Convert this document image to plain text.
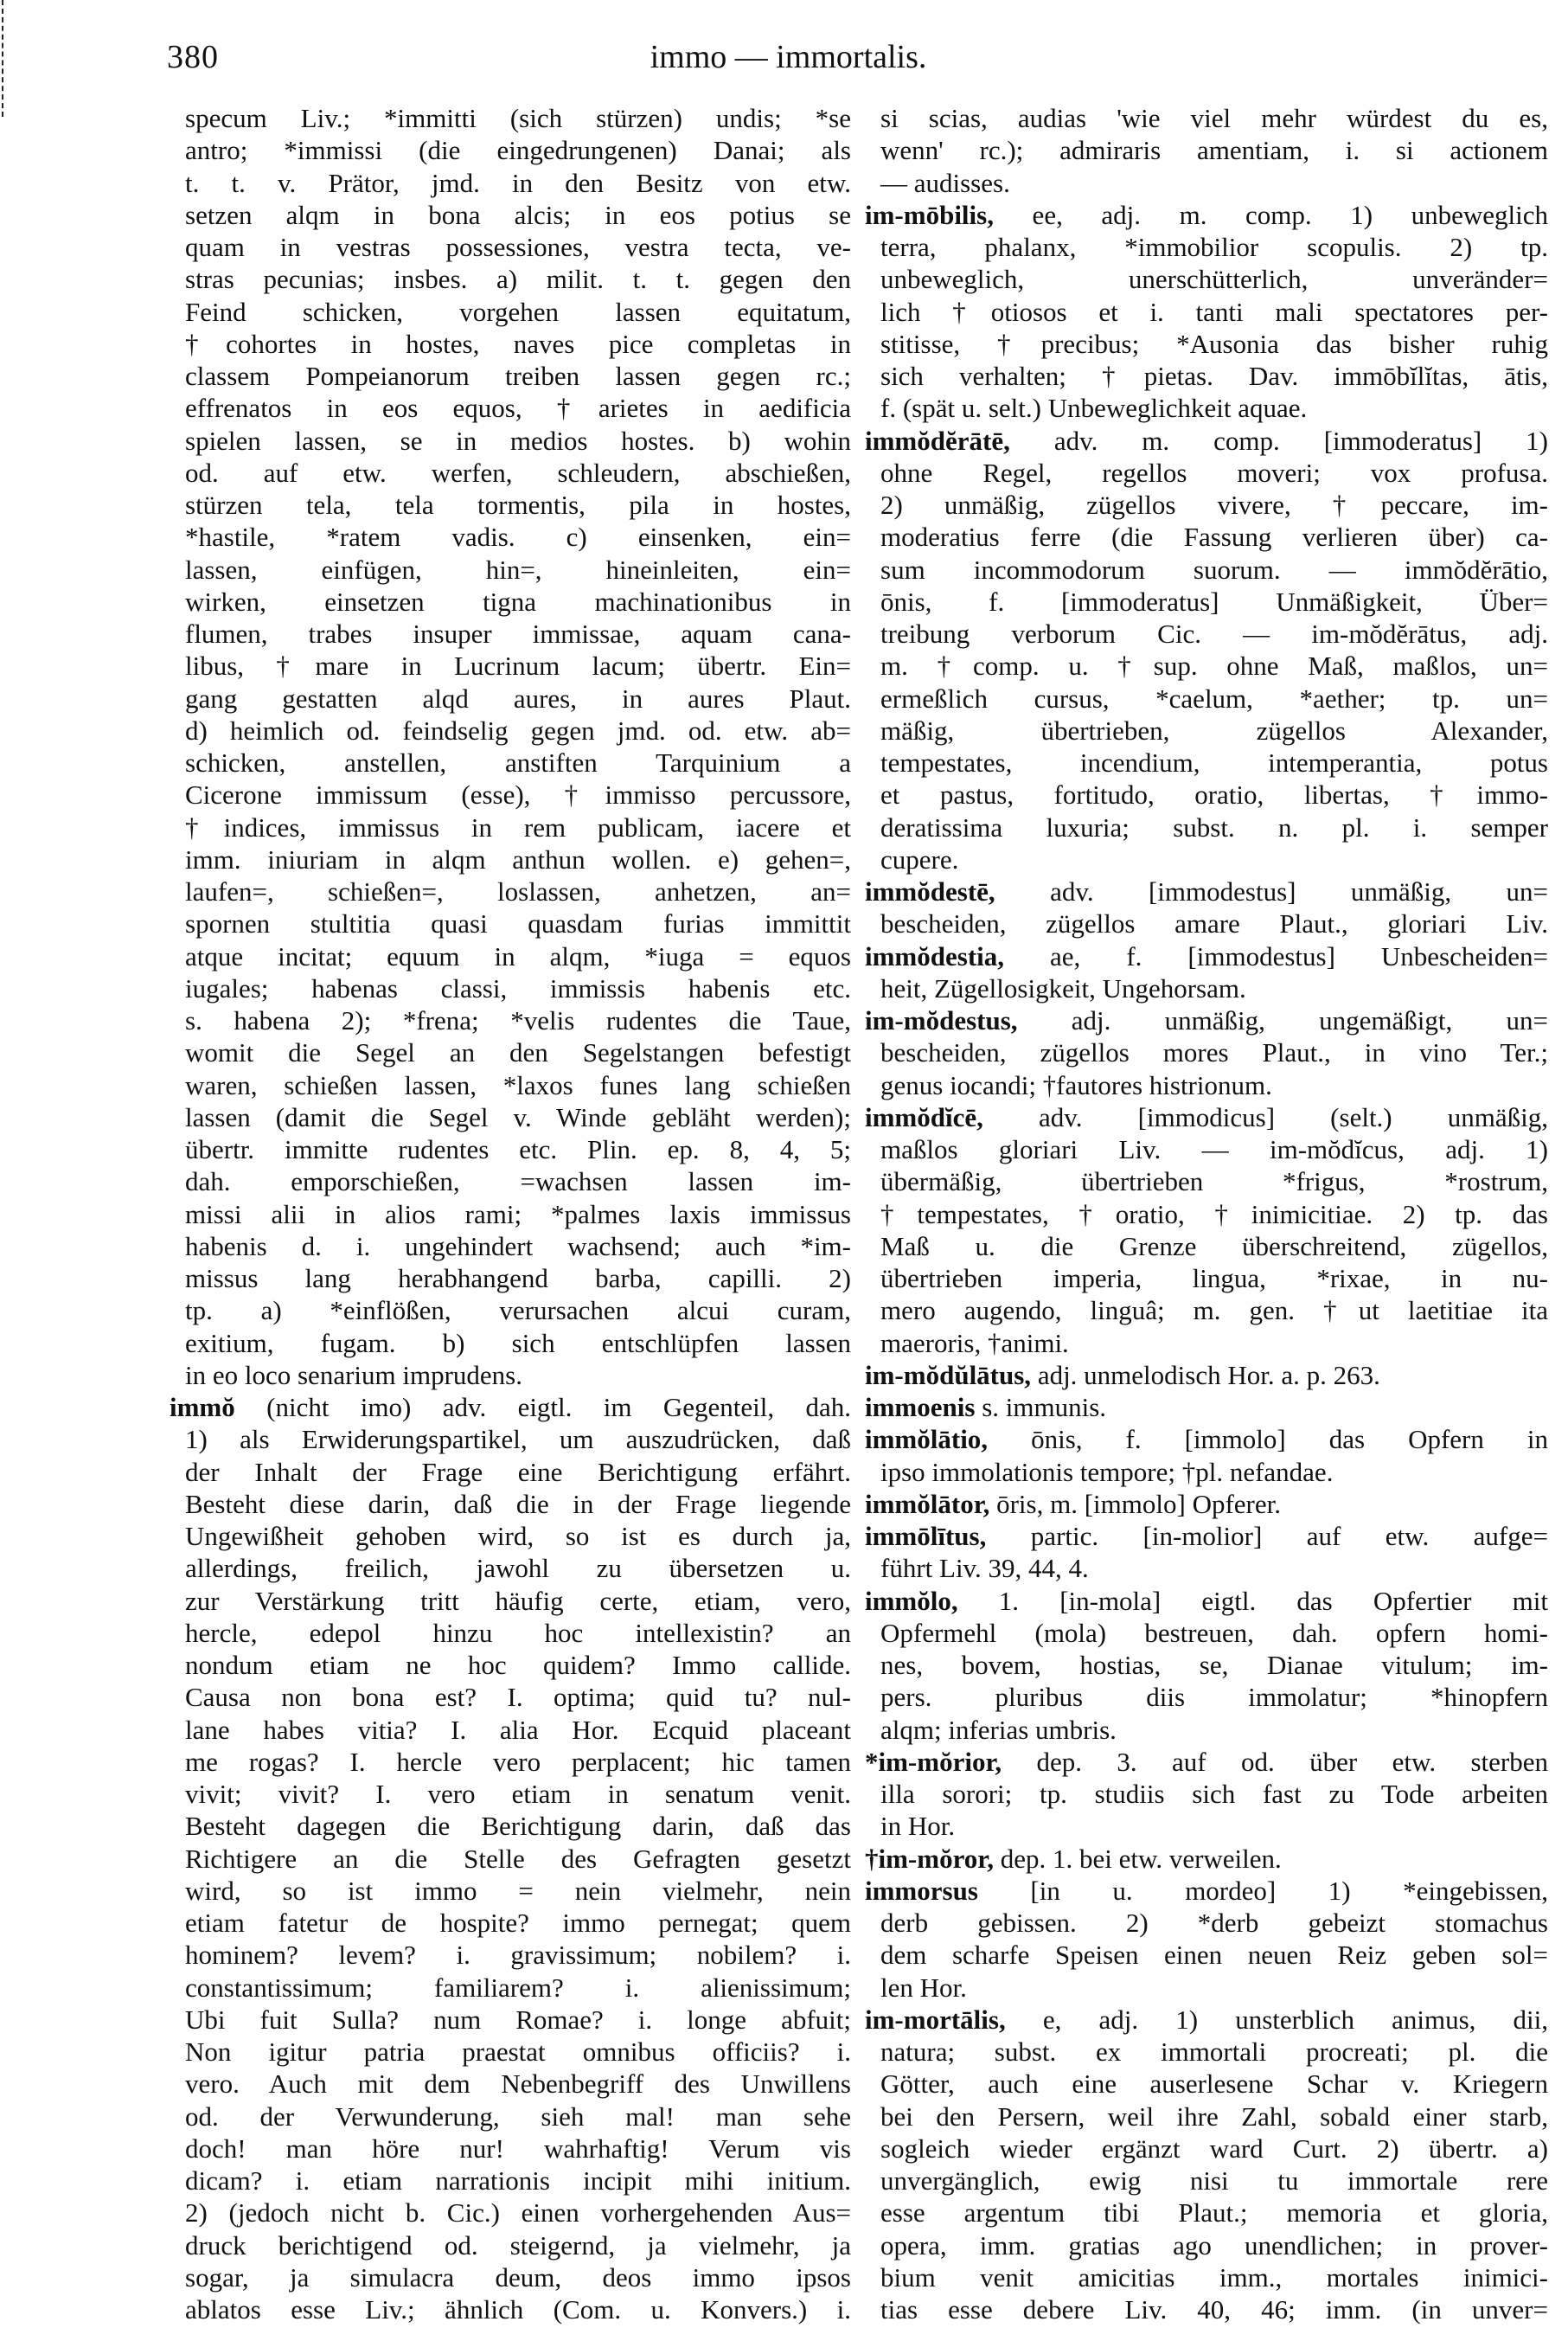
380	immo — immortalis.
specum Liv.; *immitti (sich stürzen) undis; *se
antro; *immissi (die eingedrungenen) Danai; als
t. t. v. Prätor, jmd. in den Besitz von etw.
setzen alqm in bona alcis; in eos potius se
quam in vestras possessiones, vestra tecta, ve-
stras pecunias; insbes. a) milit. t. t. gegen den
Feind schicken, vorgehen lassen equitatum,
†cohortes in hostes, naves pice completas in
classem Pompeianorum treiben lassen gegen rc.;
effrenatos in eos equos, †arietes in aedificia
spielen lassen, se in medios hostes. b) wohin
od. auf etw. werfen, schleudern, abschießen,
stürzen tela, tela tormentis, pila in hostes,
*hastile, *ratem vadis. c) einsenken, ein=
lassen, einfügen, hin=, hineinleiten, ein=
wirken, einsetzen tigna machinationibus in
flumen, trabes insuper immissae, aquam cana-
libus, †mare in Lucrinum lacum; übertr. Ein=
gang gestatten alqd aures, in aures Plaut.
d) heimlich od. feindselig gegen jmd. od. etw. ab=
schicken, anstellen, anstiften Tarquinium a
Cicerone immissum (esse), †immisso percussore,
†indices, immissus in rem publicam, iacere et
imm. iniuriam in alqm anthun wollen. e) gehen=,
laufen=, schießen=, loslassen, anhetzen, an=
spornen stultitia quasi quasdam furias immittit
atque incitat; equum in alqm, *iuga = equos
iugales; habenas classi, immissis habenis etc.
s. habena 2); *frena; *velis rudentes die Taue,
womit die Segel an den Segelstangen befestigt
waren, schießen lassen, *laxos funes lang schießen
lassen (damit die Segel v. Winde gebläht werden);
übertr. immitte rudentes etc. Plin. ep. 8, 4, 5;
dah. emporschießen, =wachsen lassen im-
missi alii in alios rami; *palmes laxis immissus
habenis d. i. ungehindert wachsend; auch *im-
missus lang herabhangend barba, capilli. 2)
tp. a) *einflößen, verursachen alcui curam,
exitium, fugam. b) sich entschlüpfen lassen
in eo loco senarium imprudens.
immŏ (nicht imo) adv. eigtl. im Gegenteil, dah.
1) als Erwiderungspartikel, um auszudrücken, daß
der Inhalt der Frage eine Berichtigung erfährt.
Besteht diese darin, daß die in der Frage liegende
Ungewißheit gehoben wird, so ist es durch ja,
allerdings, freilich, jawohl zu übersetzen u.
zur Verstärkung tritt häufig certe, etiam, vero,
hercle, edepol hinzu hoc intellexistin? an
nondum etiam ne hoc quidem? Immo callide.
Causa non bona est? I. optima; quid tu? nul-
lane habes vitia? I. alia Hor. Ecquid placeant
me rogas? I. hercle vero perplacent; hic tamen
vivit; vivit? I. vero etiam in senatum venit.
Besteht dagegen die Berichtigung darin, daß das
Richtigere an die Stelle des Gefragten gesetzt
wird, so ist immo = nein vielmehr, nein
etiam fatetur de hospite? immo pernegat; quem
hominem? levem? i. gravissimum; nobilem? i.
constantissimum; familiarem? i. alienissimum;
Ubi fuit Sulla? num Romae? i. longe abfuit;
Non igitur patria praestat omnibus officiis? i.
vero. Auch mit dem Nebenbegriff des Unwillens
od. der Verwunderung, sieh mal! man sehe
doch! man höre nur! wahrhaftig! Verum vis
dicam? i. etiam narrationis incipit mihi initium.
2) (jedoch nicht b. Cic.) einen vorhergehenden Aus=
druck berichtigend od. steigernd, ja vielmehr, ja
sogar, ja simulacra deum, deos immo ipsos
ablatos esse Liv.; ähnlich (Com. u. Konvers.) i.
si scias, audias 'wie viel mehr würdest du es,
wenn' rc.); admiraris amentiam, i. si actionem
— audisses.
im-mōbilis, ee, adj. m. comp. 1) unbeweglich
terra, phalanx, *immobilior scopulis. 2) tp.
unbeweglich, unerschütterlich, unveränder=
lich †otiosos et i. tanti mali spectatores per-
stitisse, †precibus; *Ausonia das bisher ruhig
sich verhalten; †pietas. Dav. immōbĭlĭtas, ātis,
f. (spät u. selt.) Unbeweglichkeit aquae.
immŏdĕrātē, adv. m. comp. [immoderatus] 1)
ohne Regel, regellos moveri; vox profusa.
2) unmäßig, zügellos vivere, †peccare, im-
moderatius ferre (die Fassung verlieren über) ca-
sum incommodorum suorum. — immŏdĕrātio,
ōnis, f. [immoderatus] Unmäßigkeit, Über=
treibung verborum Cic. — im-mŏdĕrātus, adj.
m. †comp. u. †sup. ohne Maß, maßlos, un=
ermeßlich cursus, *caelum, *aether; tp. un=
mäßig, übertrieben, zügellos Alexander,
tempestates, incendium, intemperantia, potus
et pastus, fortitudo, oratio, libertas, †immo-
deratissima luxuria; subst. n. pl. i. semper
cupere.
immŏdestē, adv. [immodestus] unmäßig, un=
bescheiden, zügellos amare Plaut., gloriari Liv.
immŏdestia, ae, f. [immodestus] Unbescheiden=
heit, Zügellosigkeit, Ungehorsam.
im-mŏdestus, adj. unmäßig, ungemäßigt, un=
bescheiden, zügellos mores Plaut., in vino Ter.;
genus iocandi; †fautores histrionum.
immŏdĭcē, adv. [immodicus] (selt.) unmäßig,
maßlos gloriari Liv. — im-mŏdĭcus, adj. 1)
übermäßig, übertrieben *frigus, *rostrum,
†tempestates, †oratio, †inimicitiae. 2) tp. das
Maß u. die Grenze überschreitend, zügellos,
übertrieben imperia, lingua, *rixae, in nu-
mero augendo, linguâ; m. gen. †ut laetitiae ita
maeroris, †animi.
im-mŏdŭlātus, adj. unmelodisch Hor. a. p. 263.
immoenis s. immunis.
immŏlātio, ōnis, f. [immolo] das Opfern in
ipso immolationis tempore; †pl. nefandae.
immŏlātor, ōris, m. [immolo] Opferer.
immōlītus, partic. [in-molior] auf etw. aufge=
führt Liv. 39, 44, 4.
immŏlo, 1. [in-mola] eigtl. das Opfertier mit
Opfermehl (mola) bestreuen, dah. opfern homi-
nes, bovem, hostias, se, Dianae vitulum; im-
pers. pluribus diis immolatur; *hinopfern
alqm; inferias umbris.
*im-mŏrior, dep. 3. auf od. über etw. sterben
illa sorori; tp. studiis sich fast zu Tode arbeiten
in Hor.
†im-mŏror, dep. 1. bei etw. verweilen.
immorsus [in u. mordeo] 1) *eingebissen,
derb gebissen. 2) *derb gebeizt stomachus
dem scharfe Speisen einen neuen Reiz geben sol=
len Hor.
im-mortālis, e, adj. 1) unsterblich animus, dii,
natura; subst. ex immortali procreati; pl. die
Götter, auch eine auserlesene Schar v. Kriegern
bei den Persern, weil ihre Zahl, sobald einer starb,
sogleich wieder ergänzt ward Curt. 2) übertr. a)
unvergänglich, ewig nisi tu immortale rere
esse argentum tibi Plaut.; memoria et gloria,
opera, imm. gratias ago unendlichen; in prover-
bium venit amicitias imm., mortales inimici-
tias esse debere Liv. 40, 46; imm. (in unver=
